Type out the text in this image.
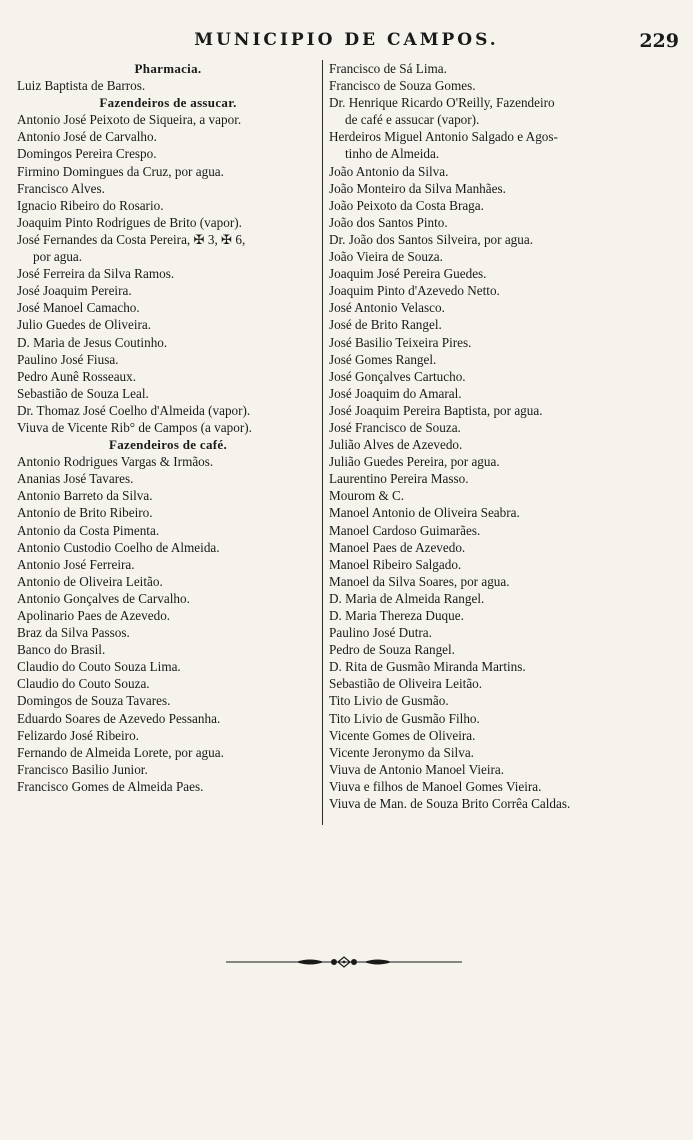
MUNICIPIO DE CAMPOS.	229
Pharmacia.
Luiz Baptista de Barros.
Fazendeiros de assucar.
Antonio José Peixoto de Siqueira, a vapor.
Antonio José de Carvalho.
Domingos Pereira Crespo.
Firmino Domingues da Cruz, por agua.
Francisco Alves.
Ignacio Ribeiro do Rosario.
Joaquim Pinto Rodrigues de Brito (vapor).
José Fernandes da Costa Pereira, ✠ 3, ✠ 6,
por agua.
José Ferreira da Silva Ramos.
José Joaquim Pereira.
José Manoel Camacho.
Julio Guedes de Oliveira.
D. Maria de Jesus Coutinho.
Paulino José Fiusa.
Pedro Aunê Rosseaux.
Sebastião de Souza Leal.
Dr. Thomaz José Coelho d'Almeida (vapor).
Viuva de Vicente Rib° de Campos (a vapor).
Fazendeiros de café.
Antonio Rodrigues Vargas & Irmãos.
Ananias José Tavares.
Antonio Barreto da Silva.
Antonio de Brito Ribeiro.
Antonio da Costa Pimenta.
Antonio Custodio Coelho de Almeida.
Antonio José Ferreira.
Antonio de Oliveira Leitão.
Antonio Gonçalves de Carvalho.
Apolinario Paes de Azevedo.
Braz da Silva Passos.
Banco do Brasil.
Claudio do Couto Souza Lima.
Claudio do Couto Souza.
Domingos de Souza Tavares.
Eduardo Soares de Azevedo Pessanha.
Felizardo José Ribeiro.
Fernando de Almeida Lorete, por agua.
Francisco Basilio Junior.
Francisco Gomes de Almeida Paes.
Francisco de Sá Lima.
Francisco de Souza Gomes.
Dr. Henrique Ricardo O'Reilly, Fazendeiro
de café e assucar (vapor).
Herdeiros Miguel Antonio Salgado e Agos-
tinho de Almeida.
João Antonio da Silva.
João Monteiro da Silva Manhães.
João Peixoto da Costa Braga.
João dos Santos Pinto.
Dr. João dos Santos Silveira, por agua.
João Vieira de Souza.
Joaquim José Pereira Guedes.
Joaquim Pinto d'Azevedo Netto.
José Antonio Velasco.
José de Brito Rangel.
José Basilio Teixeira Pires.
José Gomes Rangel.
José Gonçalves Cartucho.
José Joaquim do Amaral.
José Joaquim Pereira Baptista, por agua.
José Francisco de Souza.
Julião Alves de Azevedo.
Julião Guedes Pereira, por agua.
Laurentino Pereira Masso.
Mourom & C.
Manoel Antonio de Oliveira Seabra.
Manoel Cardoso Guimarães.
Manoel Paes de Azevedo.
Manoel Ribeiro Salgado.
Manoel da Silva Soares, por agua.
D. Maria de Almeida Rangel.
D. Maria Thereza Duque.
Paulino José Dutra.
Pedro de Souza Rangel.
D. Rita de Gusmão Miranda Martins.
Sebastião de Oliveira Leitão.
Tito Livio de Gusmão.
Tito Livio de Gusmão Filho.
Vicente Gomes de Oliveira.
Vicente Jeronymo da Silva.
Viuva de Antonio Manoel Vieira.
Viuva e filhos de Manoel Gomes Vieira.
Viuva de Man. de Souza Brito Corrêa Caldas.
